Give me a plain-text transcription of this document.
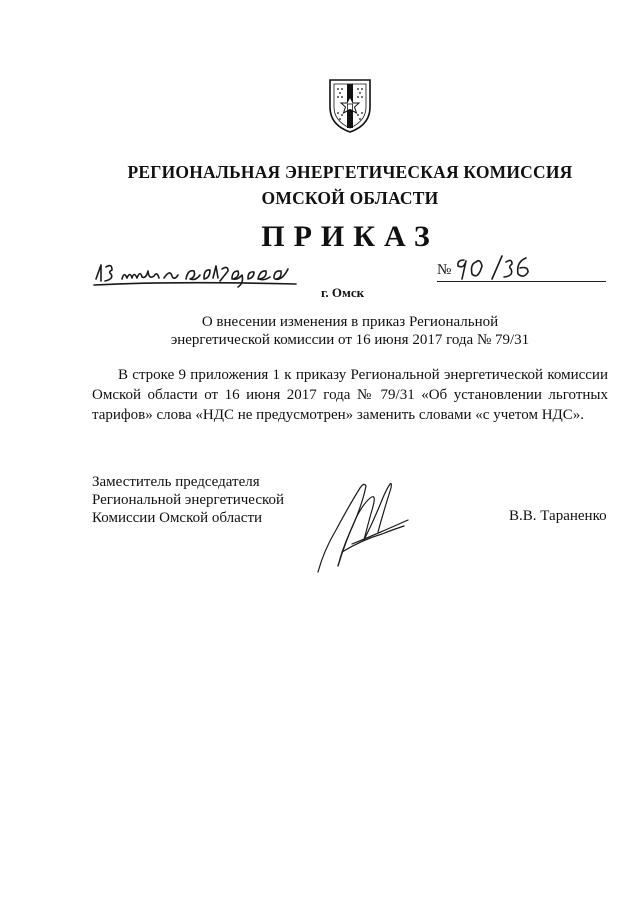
РЕГИОНАЛЬНАЯ ЭНЕРГЕТИЧЕСКАЯ КОМИССИЯ
ОМСКОЙ ОБЛАСТИ
ПРИКАЗ
г. Омск
№
О внесении изменения в приказ Региональной
энергетической комиссии от 16 июня 2017 года № 79/31
В строке 9 приложения 1 к приказу Региональной энергетической комиссии Омской области от 16 июня 2017 года № 79/31 «Об установлении льготных тарифов» слова «НДС не предусмотрен» заменить словами «с учетом НДС».
Заместитель председателя
Региональной энергетической
Комиссии Омской области	В.В. Тараненко
